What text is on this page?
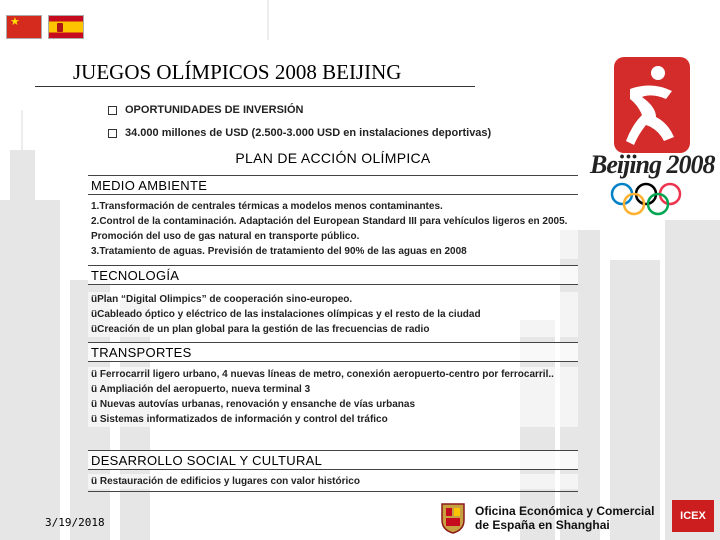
★
JUEGOS OLÍMPICOS 2008 BEIJING
OPORTUNIDADES DE INVERSIÓN
34.000 millones de USD (2.500-3.000 USD en instalaciones deportivas)
PLAN DE ACCIÓN OLÍMPICA
MEDIO AMBIENTE
1.Transformación de centrales térmicas a modelos menos contaminantes.
2.Control de la contaminación. Adaptación del European Standard III para vehículos ligeros en 2005. Promoción del uso de gas natural en transporte público.
3.Tratamiento de aguas. Previsión de tratamiento del 90% de las aguas en 2008
TECNOLOGÍA
üPlan “Digital Olimpics” de cooperación sino-europeo.
üCableado óptico y eléctrico de las instalaciones olímpicas y el resto de la ciudad
üCreación de un plan global para la gestión de las frecuencias de radio
TRANSPORTES
ü Ferrocarril ligero urbano, 4 nuevas líneas de metro, conexión aeropuerto-centro por ferrocarril..
ü Ampliación del aeropuerto, nueva terminal 3
ü Nuevas autovías urbanas, renovación y ensanche de vías urbanas
ü Sistemas informatizados de información y control del tráfico
DESARROLLO SOCIAL Y CULTURAL
ü Restauración de edificios y lugares con valor histórico
Beijing 2008
3/19/2018
Oficina Económica y Comercial
de España en Shanghai
ICEX
